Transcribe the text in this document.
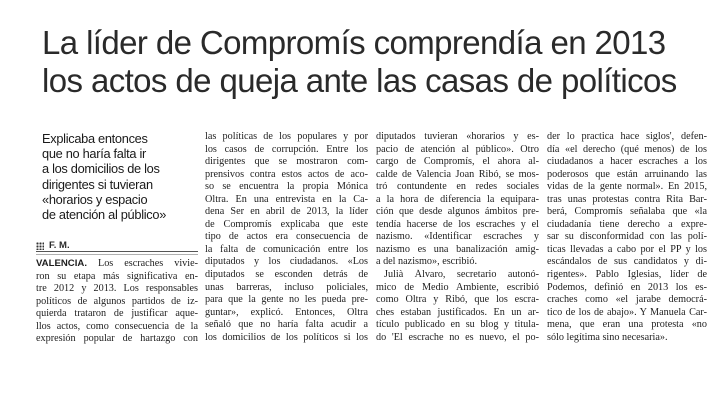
La líder de Compromís comprendía en 2013
los actos de queja ante las casas de políticos
Explicaba entonces
que no haría falta ir
a los domicilios de los
dirigentes si tuvieran
«horarios y espacio
de atención al público»
F. M.
VALENCIA. Los escraches vivie-
ron su etapa más significativa en-
tre 2012 y 2013. Los responsables
políticos de algunos partidos de iz-
quierda trataron de justificar aque-
llos actos, como consecuencia de la
expresión popular de hartazgo con
las políticas de los populares y por
los casos de corrupción. Entre los
dirigentes que se mostraron com-
prensivos contra estos actos de aco-
so se encuentra la propia Mónica
Oltra. En una entrevista en la Ca-
dena Ser en abril de 2013, la líder
de Compromís explicaba que este
tipo de actos era consecuencia de
la falta de comunicación entre los
diputados y los ciudadanos. «Los
diputados se esconden detrás de
unas barreras, incluso policiales,
para que la gente no les pueda pre-
guntar», explicó. Entonces, Oltra
señaló que no haría falta acudir a
los domicilios de los políticos si los
diputados tuvieran «horarios y es-
pacio de atención al público». Otro
cargo de Compromís, el ahora al-
calde de Valencia Joan Ribó, se mos-
tró contundente en redes sociales
a la hora de diferencia la equipara-
ción que desde algunos ámbitos pre-
tendía hacerse de los escraches y el
nazismo. «Identificar escraches y
nazismo es una banalización amig-
a del nazismo», escribió.
Julià Álvaro, secretario autonó-
mico de Medio Ambiente, escribió
como Oltra y Ribó, que los escra-
ches estaban justificados. En un ar-
tículo publicado en su blog y titula-
do 'El escrache no es nuevo, el po-
der lo practica hace siglos', defen-
día «el derecho (qué menos) de los
ciudadanos a hacer escraches a los
poderosos que están arruinando las
vidas de la gente normal». En 2015,
tras unas protestas contra Rita Bar-
berá, Compromís señalaba que «la
ciudadanía tiene derecho a expre-
sar su disconformidad con las polí-
ticas llevadas a cabo por el PP y los
escándalos de sus candidatos y di-
rigentes». Pablo Iglesias, líder de
Podemos, definió en 2013 los es-
craches como «el jarabe democrá-
tico de los de abajo». Y Manuela Car-
mena, que eran una protesta «no
sólo legítima sino necesaria».
